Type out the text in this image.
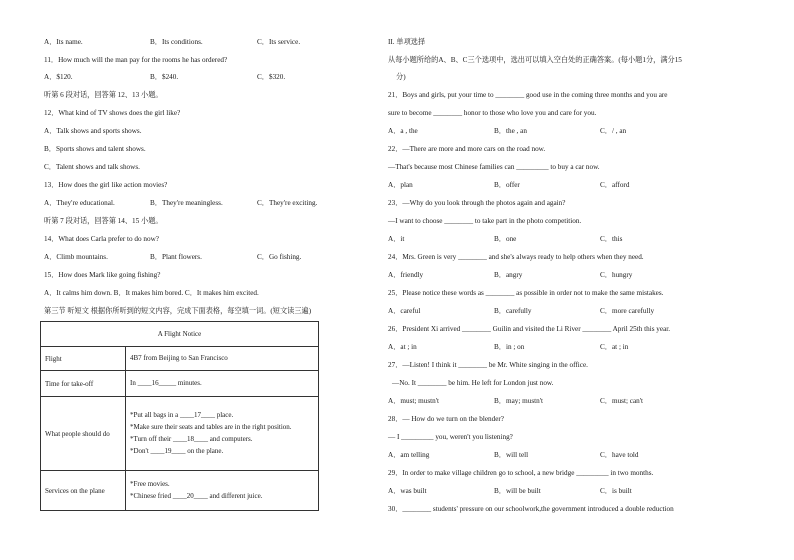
A．Its name.	B．Its conditions.	C．Its service.
11．How much will the man pay for the rooms he has ordered?
A．$120.	B．$240.	C．$320.
听第 6 段对话，回答第 12、13 小题。
12．What kind of TV shows does the girl like?
A．Talk shows and sports shows.
B．Sports shows and talent shows.
C．Talent shows and talk shows.
13．How does the girl like action movies?
A．They're educational.	B．They're meaningless.	C．They're exciting.
听第 7 段对话，回答第 14、15 小题。
14．What does Carla prefer to do now?
A．Climb mountains.	B．Plant flowers.	C．Go fishing.
15．How does Mark like going fishing?
A．It calms him down. B．It makes him bored. C．It makes him excited.
第三节 听短文 根据你所听到的短文内容，完成下面表格，每空填一词。(短文读三遍)
A Flight Notice	
Flight	4B7 from Beijing to San Francisco

Time for take-off	In ____16_____ minutes.

What people should do	*Put all bags in a ____17____ place.
*Make sure their seats and tables are in the right position.
*Turn off their ____18____ and computers.
*Don't ____19____ on the plane.

Services on the plane	*Free movies.
*Chinese fried ____20____ and different juice.
II. 单项选择
从每小题所给的A、B、C三个选项中，选出可以填入空白处的正确答案。(每小题1分，满分15
分)
21．Boys and girls, put your time to ________ good use in the coming three months and you are
sure to become ________ honor to those who love you and care for you.
A．a , the	B．the , an	C．/ , an
22．—There are more and more cars on the road now.
—That's because most Chinese families can _________ to buy a car now.
A．plan	B．offer	C．afford
23．—Why do you look through the photos again and again?
—I want to choose ________ to take part in the photo competition.
A．it	B．one	C．this
24．Mrs. Green is very ________ and she's always ready to help others when they need.
A．friendly	B．angry	C．hungry
25．Please notice these words as ________ as possible in order not to make the same mistakes.
A．careful	B．carefully	C．more carefully
26．President Xi arrived ________ Guilin and visited the Li River ________ April 25th this year.
A．at ; in	B．in ; on	C．at ; in
27．—Listen! I think it ________ be Mr. White singing in the office.
—No. It ________ be him. He left for London just now.
A．must; mustn't	B．may; mustn't	C．must; can't
28．— How do we turn on the blender?
— I _________ you, weren't you listening?
A．am telling	B．will tell	C．have told
29．In order to make village children go to school, a new bridge _________ in two months.
A．was built	B．will be built	C．is built
30．________ students' pressure on our schoolwork,the government introduced a double reduction
